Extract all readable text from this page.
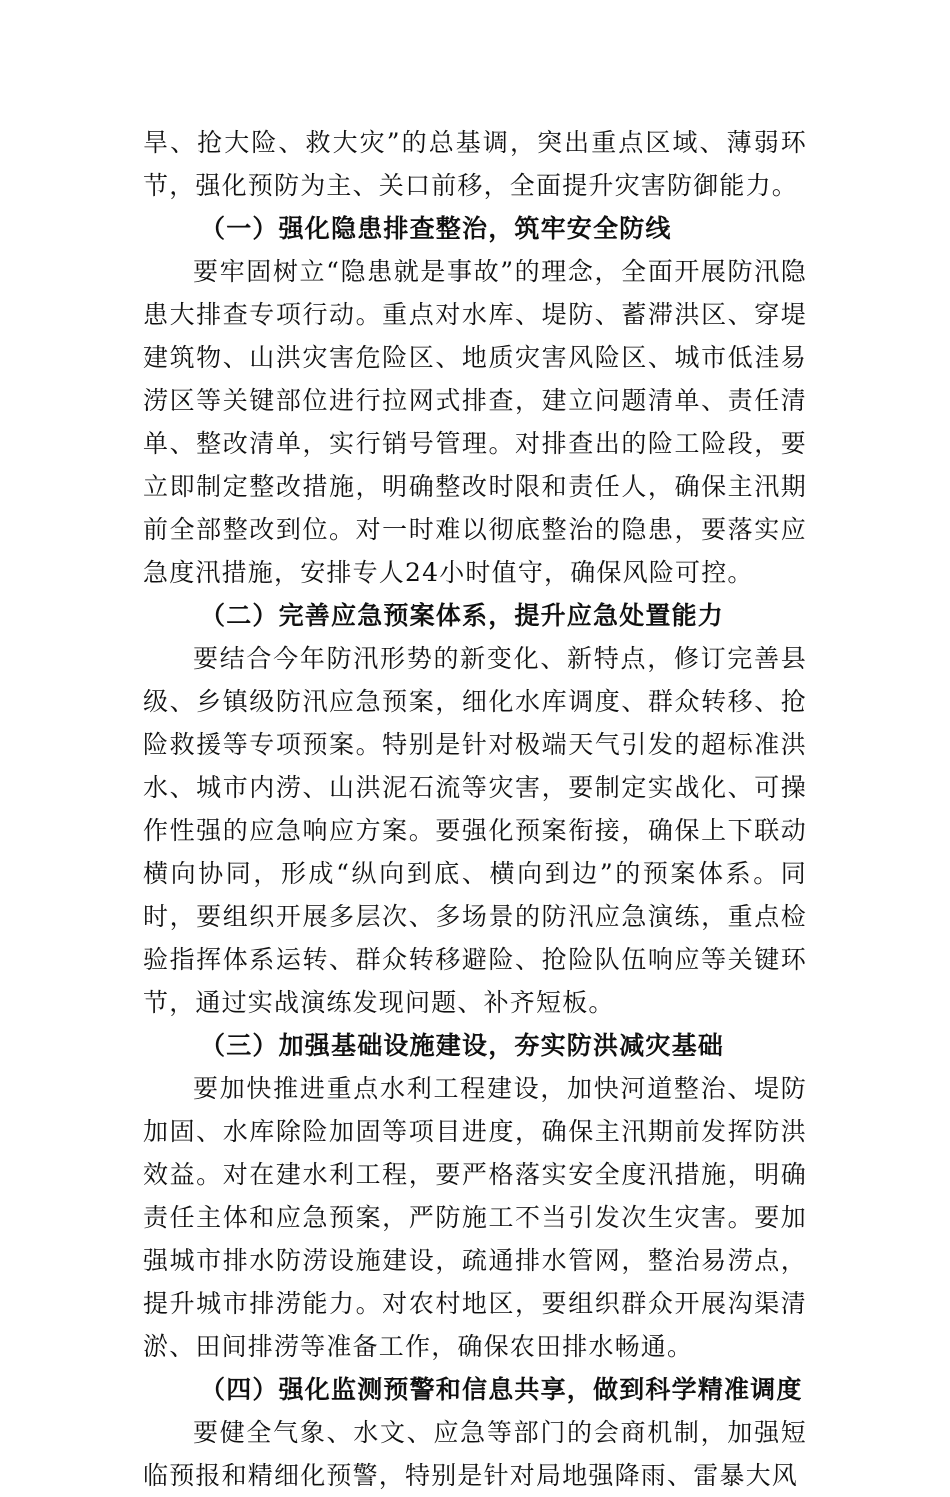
旱、抢大险、救大灾”的总基调，突出重点区域、薄弱环节，强化预防为主、关口前移，全面提升灾害防御能力。

（一）强化隐患排查整治，筑牢安全防线

要牢固树立“隐患就是事故”的理念，全面开展防汛隐患大排查专项行动。重点对水库、堤防、蓄滞洪区、穿堤建筑物、山洪灾害危险区、地质灾害风险区、城市低洼易涝区等关键部位进行拉网式排查，建立问题清单、责任清单、整改清单，实行销号管理。对排查出的险工险段，要立即制定整改措施，明确整改时限和责任人，确保主汛期前全部整改到位。对一时难以彻底整治的隐患，要落实应急度汛措施，安排专人24小时值守，确保风险可控。

（二）完善应急预案体系，提升应急处置能力

要结合今年防汛形势的新变化、新特点，修订完善县级、乡镇级防汛应急预案，细化水库调度、群众转移、抢险救援等专项预案。特别是针对极端天气引发的超标准洪水、城市内涝、山洪泥石流等灾害，要制定实战化、可操作性强的应急响应方案。要强化预案衔接，确保上下联动横向协同，形成“纵向到底、横向到边”的预案体系。同时，要组织开展多层次、多场景的防汛应急演练，重点检验指挥体系运转、群众转移避险、抢险队伍响应等关键环节，通过实战演练发现问题、补齐短板。

（三）加强基础设施建设，夯实防洪减灾基础

要加快推进重点水利工程建设，加快河道整治、堤防加固、水库除险加固等项目进度，确保主汛期前发挥防洪效益。对在建水利工程，要严格落实安全度汛措施，明确责任主体和应急预案，严防施工不当引发次生灾害。要加强城市排水防涝设施建设，疏通排水管网，整治易涝点，提升城市排涝能力。对农村地区，要组织群众开展沟渠清淤、田间排涝等准备工作，确保农田排水畅通。

（四）强化监测预警和信息共享，做到科学精准调度

要健全气象、水文、应急等部门的会商机制，加强短临预报和精细化预警，特别是针对局地强降雨、雷暴大风
